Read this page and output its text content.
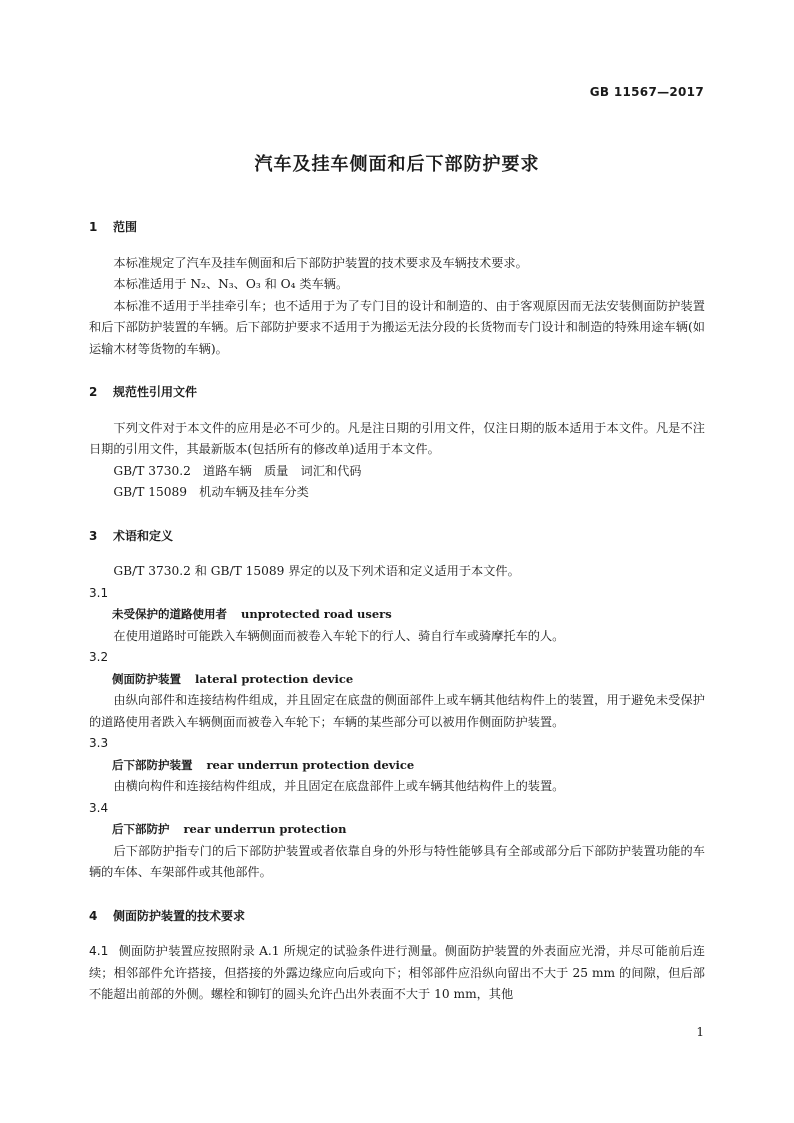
GB 11567—2017
汽车及挂车侧面和后下部防护要求

1 范围

本标准规定了汽车及挂车侧面和后下部防护装置的技术要求及车辆技术要求。

本标准适用于 N₂、N₃、O₃ 和 O₄ 类车辆。

本标准不适用于半挂牵引车；也不适用于为了专门目的设计和制造的、由于客观原因而无法安装侧面防护装置和后下部防护装置的车辆。后下部防护要求不适用于为搬运无法分段的长货物而专门设计和制造的特殊用途车辆(如运输木材等货物的车辆)。

2 规范性引用文件

下列文件对于本文件的应用是必不可少的。凡是注日期的引用文件，仅注日期的版本适用于本文件。凡是不注日期的引用文件，其最新版本(包括所有的修改单)适用于本文件。

GB/T 3730.2　道路车辆　质量　词汇和代码

GB/T 15089　机动车辆及挂车分类

3 术语和定义

GB/T 3730.2 和 GB/T 15089 界定的以及下列术语和定义适用于本文件。

3.1

未受保护的道路使用者 unprotected road users

在使用道路时可能跌入车辆侧面而被卷入车轮下的行人、骑自行车或骑摩托车的人。

3.2

侧面防护装置 lateral protection device

由纵向部件和连接结构件组成，并且固定在底盘的侧面部件上或车辆其他结构件上的装置，用于避免未受保护的道路使用者跌入车辆侧面而被卷入车轮下；车辆的某些部分可以被用作侧面防护装置。

3.3

后下部防护装置 rear underrun protection device

由横向构件和连接结构件组成，并且固定在底盘部件上或车辆其他结构件上的装置。

3.4

后下部防护 rear underrun protection

后下部防护指专门的后下部防护装置或者依靠自身的外形与特性能够具有全部或部分后下部防护装置功能的车辆的车体、车架部件或其他部件。

4 侧面防护装置的技术要求

4.1 侧面防护装置应按照附录 A.1 所规定的试验条件进行测量。侧面防护装置的外表面应光滑，并尽可能前后连续；相邻部件允许搭接，但搭接的外露边缘应向后或向下；相邻部件应沿纵向留出不大于 25 mm 的间隙，但后部不能超出前部的外侧。螺栓和铆钉的圆头允许凸出外表面不大于 10 mm，其他

1
